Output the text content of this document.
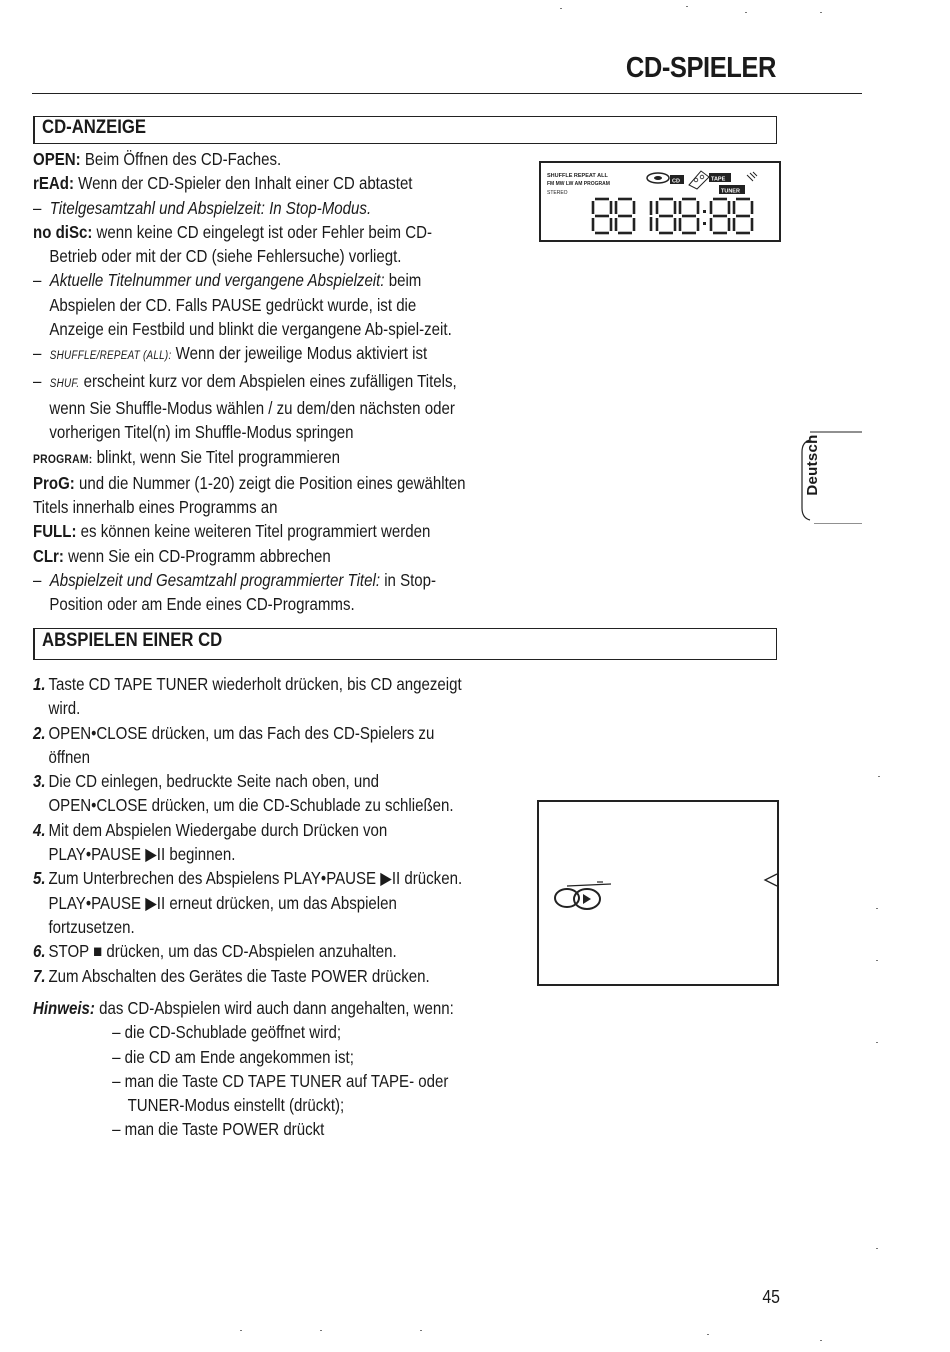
CD-SPIELER
CD-ANZEIGE
OPEN: Beim Öffnen des CD-Faches.
rEAd: Wenn der CD-Spieler den Inhalt einer CD abtastet
– Titelgesamtzahl und Abspielzeit: In Stop-Modus.
no diSc: wenn keine CD eingelegt ist oder Fehler beim CD-
Betrieb oder mit der CD (siehe Fehlersuche) vorliegt.
– Aktuelle Titelnummer und vergangene Abspielzeit: beim
Abspielen der CD. Falls PAUSE gedrückt wurde, ist die
Anzeige ein Festbild und blinkt die vergangene Ab-spiel-zeit.
– SHUFFLE/REPEAT (ALL): Wenn der jeweilige Modus aktiviert ist
– SHUF. erscheint kurz vor dem Abspielen eines zufälligen Titels,
wenn Sie Shuffle-Modus wählen / zu dem/den nächsten oder
vorherigen Titel(n) im Shuffle-Modus springen
PROGRAM: blinkt, wenn Sie Titel programmieren
ProG: und die Nummer (1-20) zeigt die Position eines gewählten
Titels innerhalb eines Programms an
FULL: es können keine weiteren Titel programmiert werden
CLr: wenn Sie ein CD-Programm abbrechen
– Abspielzeit und Gesamtzahl programmierter Titel: in Stop-
Position oder am Ende eines CD-Programms.
SHUFFLE REPEAT ALL
FM MW LW AM PROGRAM
STEREO
CD	TAPE
TUNER
88 188:88
Deutsch
ABSPIELEN EINER CD
1. Taste CD TAPE TUNER wiederholt drücken, bis CD angezeigt
wird.
2. OPEN•CLOSE drücken, um das Fach des CD-Spielers zu
öffnen
3. Die CD einlegen, bedruckte Seite nach oben, und
OPEN•CLOSE drücken, um die CD-Schublade zu schließen.
4. Mit dem Abspielen Wiedergabe durch Drücken von
PLAY•PAUSE ▶II beginnen.
5. Zum Unterbrechen des Abspielens PLAY•PAUSE ▶II drücken.
PLAY•PAUSE ▶II erneut drücken, um das Abspielen
fortzusetzen.
6. STOP ■ drücken, um das CD-Abspielen anzuhalten.
7. Zum Abschalten des Gerätes die Taste POWER drücken.
Hinweis: das CD-Abspielen wird auch dann angehalten, wenn:
– die CD-Schublade geöffnet wird;
– die CD am Ende angekommen ist;
– man die Taste CD TAPE TUNER auf TAPE- oder
TUNER-Modus einstellt (drückt);
– man die Taste POWER drückt
45
